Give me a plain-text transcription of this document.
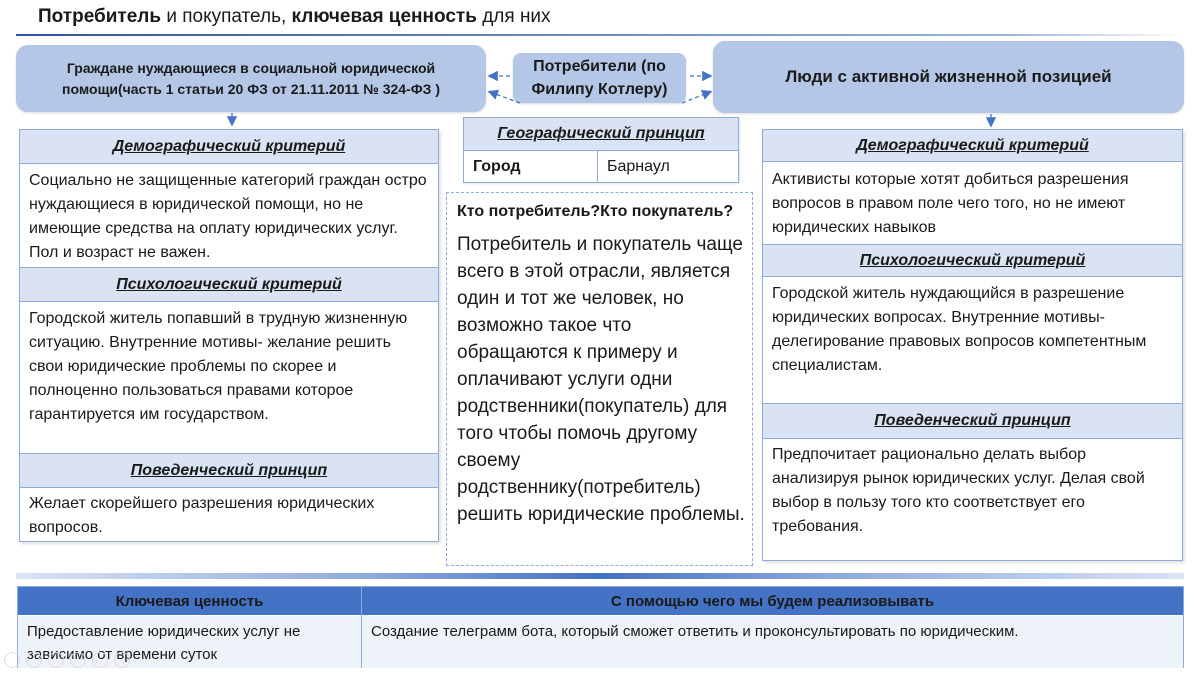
Потребитель и покупатель, ключевая ценность для них
Граждане нуждающиеся в социальной юридической помощи(часть 1 статьи 20 ФЗ от 21.11.2011 № 324-ФЗ )
Потребители (по Филипу Котлеру)
Люди с активной жизненной позицией
Демографический критерий
Социально не защищенные категорий граждан остро нуждающиеся в юридической помощи, но не имеющие средства на оплату юридических услуг. Пол и возраст не важен.
Психологический критерий
Городской житель попавший в трудную жизненную ситуацию. Внутренние мотивы- желание решить свои юридические проблемы по скорее и полноценно пользоваться правами которое гарантируется им государством.
Поведенческий принцип
Желает скорейшего разрешения юридических вопросов.
Географический принцип
Город	Барнаул
Кто потребитель?Кто покупатель?
Потребитель и покупатель чаще всего в этой отрасли, является один и тот же человек, но возможно такое что обращаются к примеру и оплачивают услуги одни родственники(покупатель) для того чтобы помочь другому своему родственнику(потребитель) решить юридические проблемы.
Демографический критерий
Активисты которые хотят добиться разрешения вопросов в правом поле чего того, но не имеют юридических навыков
Психологический критерий
Городской житель нуждающийся в разрешение юридических вопросах. Внутренние мотивы-делегирование правовых вопросов компетентным специалистам.
Поведенческий принцип
Предпочитает рационально делать выбор анализируя рынок юридических услуг. Делая свой выбор в пользу того кто соответствует его требования.
Ключевая ценность	С помощью чего мы будем реализовывать
Предоставление юридических услуг не зависимо от времени суток
Создание телеграмм бота, который сможет ответить и проконсультировать по юридическим.
